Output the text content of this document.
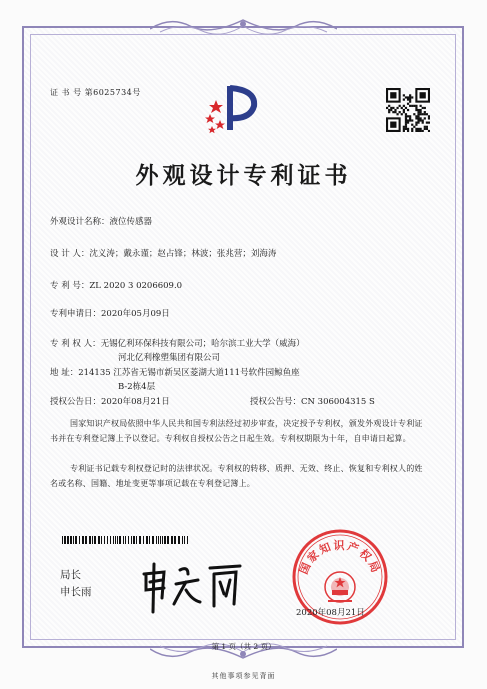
证 书 号 第6025734号
外观设计专利证书
外观设计名称：液位传感器
设 计 人：沈义涛；戴永谨；赵占锋；林波；张兆营；刘海涛
专 利 号：ZL 2020 3 0206609.0
专利申请日：2020年05月09日
专 利 权 人：无锡亿利环保科技有限公司；哈尔滨工业大学（威海）
河北亿利橡塑集团有限公司
地 址：214135 江苏省无锡市新吴区菱湖大道111号软件园鲸鱼座
B-2栋4层
授权公告日：2020年08月21日	授权公告号：CN 306004315 S
国家知识产权局依照中华人民共和国专利法经过初步审查，决定授予专利权，颁发外观设计专利证书并在专利登记簿上予以登记。专利权自授权公告之日起生效。专利权期限为十年，自申请日起算。
专利证书记载专利权登记时的法律状况。专利权的转移、质押、无效、终止、恢复和专利权人的姓名或名称、国籍、地址变更等事项记载在专利登记簿上。
局长
申长雨
国家知识产权局
2020年08月21日
第 1 页（共 2 页）
其他事项参见背面
